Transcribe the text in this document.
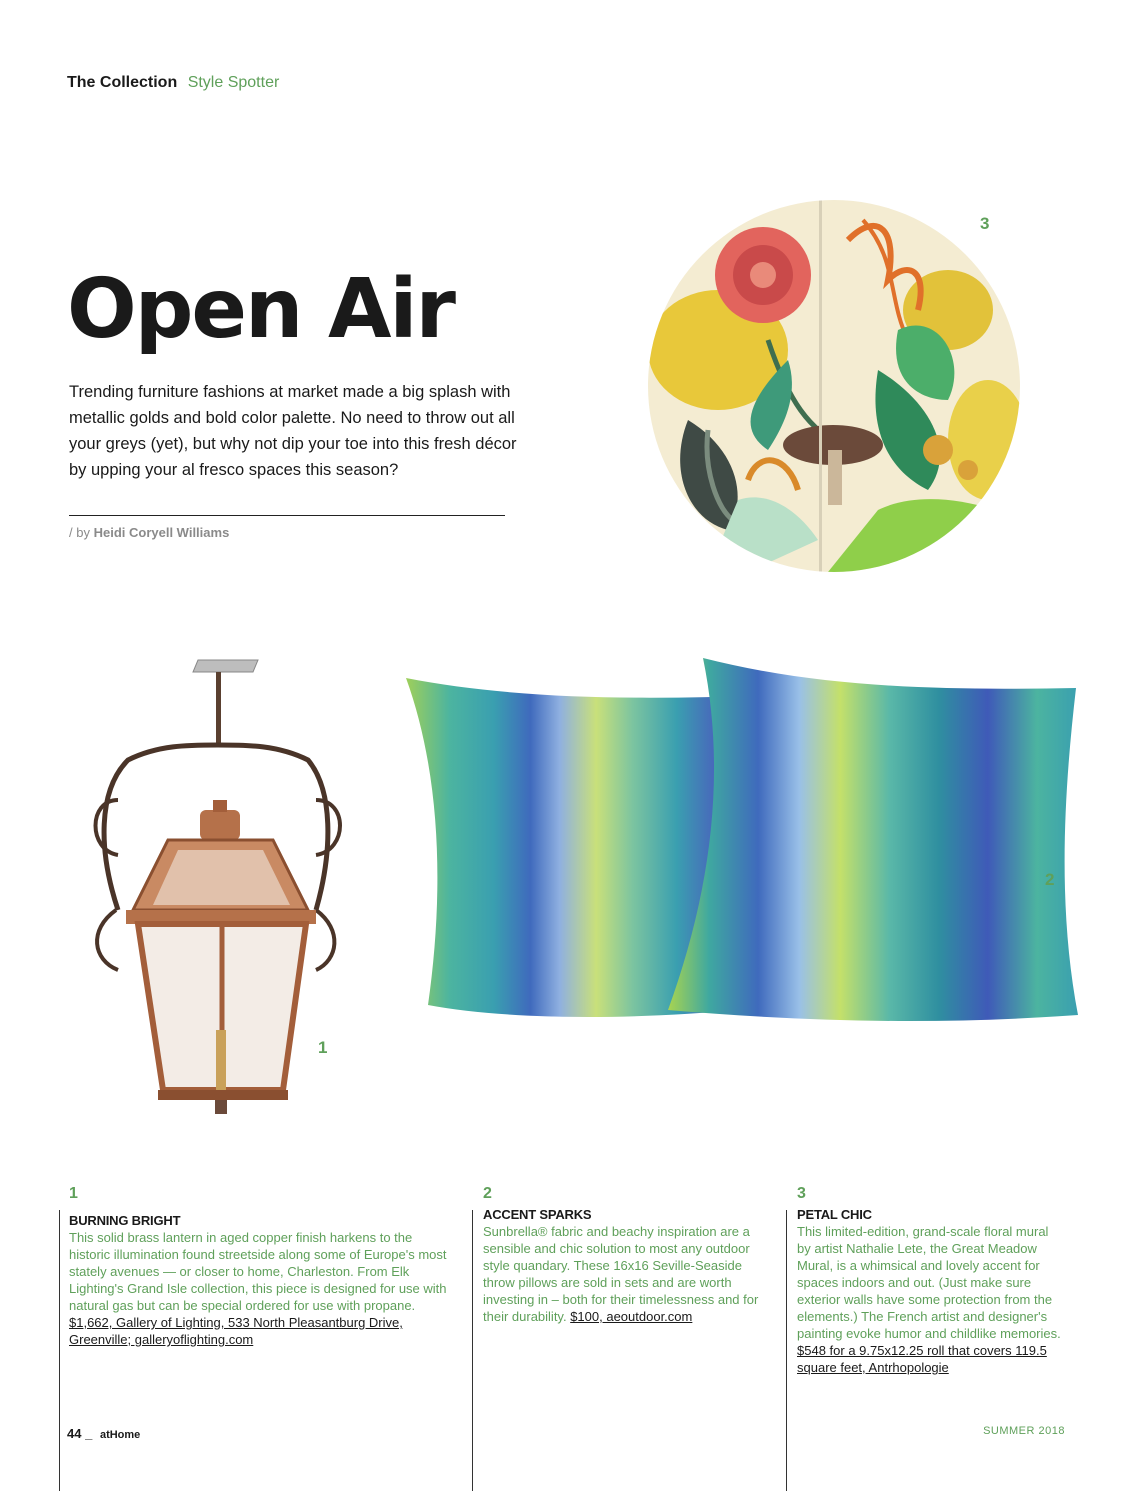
The Collection Style Spotter
Open Air

Trending furniture fashions at market made a big splash with metallic golds and bold color palette. No need to throw out all your greys (yet), but why not dip your toe into this fresh décor by upping your al fresco spaces this season?

/ by Heidi Coryell Williams
3
1
2
1
BURNING BRIGHT

This solid brass lantern in aged copper finish harkens to the historic illumination found streetside along some of Europe's most stately avenues — or closer to home, Charleston. From Elk Lighting's Grand Isle collection, this piece is designed for use with natural gas but can be special ordered for use with propane. $1,662, Gallery of Lighting, 533 North Pleasantburg Drive, Greenville; galleryoflighting.com

2
ACCENT SPARKS

Sunbrella® fabric and beachy inspiration are a sensible and chic solution to most any outdoor style quandary. These 16x16 Seville-Seaside throw pillows are sold in sets and are worth investing in – both for their timelessness and for their durability. $100, aeoutdoor.com

3
PETAL CHIC

This limited-edition, grand-scale floral mural by artist Nathalie Lete, the Great Meadow Mural, is a whimsical and lovely accent for spaces indoors and out. (Just make sure exterior walls have some protection from the elements.) The French artist and designer's painting evoke humor and childlike memories. $548 for a 9.75x12.25 roll that covers 119.5 square feet, Antrhopologie

44 _ atHome	SUMMER 2018
